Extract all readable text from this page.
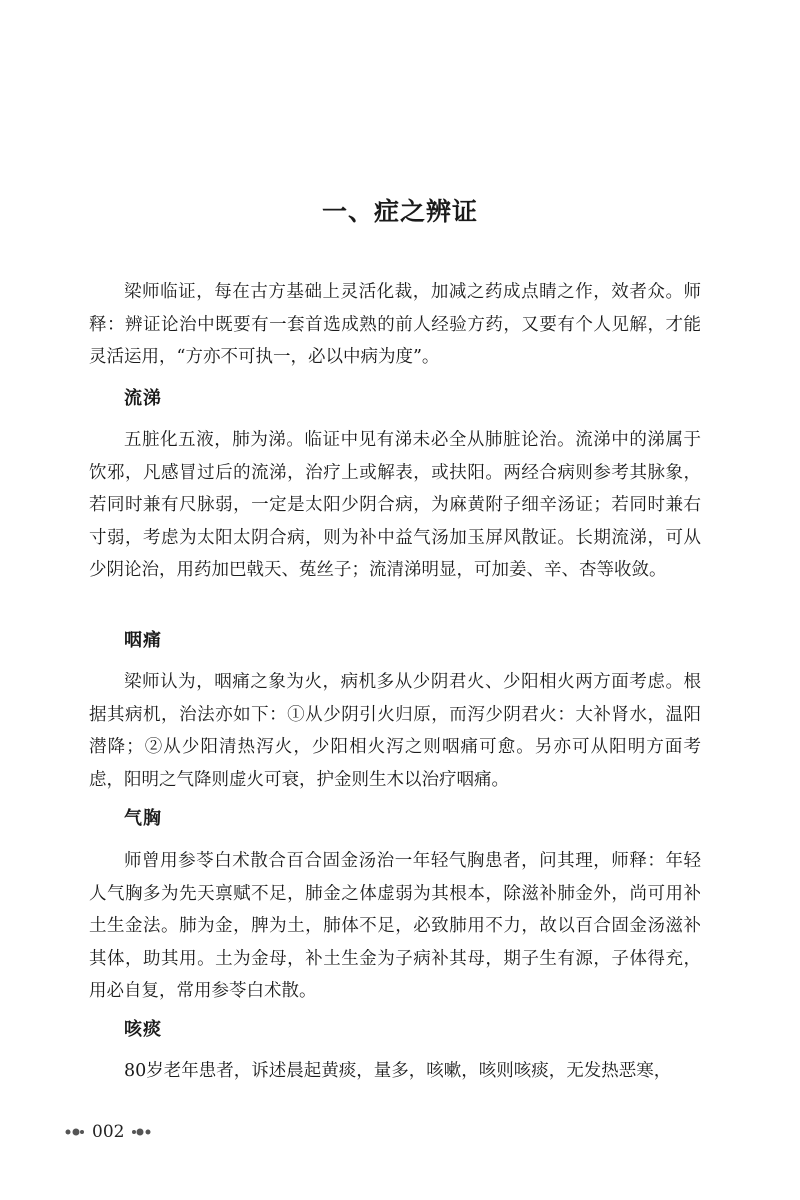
一、症之辨证

梁师临证，每在古方基础上灵活化裁，加减之药成点睛之作，效者众。师释：辨证论治中既要有一套首选成熟的前人经验方药，又要有个人见解，才能灵活运用，“方亦不可执一，必以中病为度”。

流涕

五脏化五液，肺为涕。临证中见有涕未必全从肺脏论治。流涕中的涕属于饮邪，凡感冒过后的流涕，治疗上或解表，或扶阳。两经合病则参考其脉象，若同时兼有尺脉弱，一定是太阳少阴合病，为麻黄附子细辛汤证；若同时兼右寸弱，考虑为太阳太阴合病，则为补中益气汤加玉屏风散证。长期流涕，可从少阴论治，用药加巴戟天、菟丝子；流清涕明显，可加姜、辛、杏等收敛。

咽痛

梁师认为，咽痛之象为火，病机多从少阴君火、少阳相火两方面考虑。根据其病机，治法亦如下：①从少阴引火归原，而泻少阴君火：大补肾水，温阳潜降；②从少阳清热泻火，少阳相火泻之则咽痛可愈。另亦可从阳明方面考虑，阳明之气降则虚火可衰，护金则生木以治疗咽痛。

气胸

师曾用参苓白术散合百合固金汤治一年轻气胸患者，问其理，师释：年轻人气胸多为先天禀赋不足，肺金之体虚弱为其根本，除滋补肺金外，尚可用补土生金法。肺为金，脾为土，肺体不足，必致肺用不力，故以百合固金汤滋补其体，助其用。土为金母，补土生金为子病补其母，期子生有源，子体得充，用必自复，常用参苓白术散。

咳痰

80岁老年患者，诉述晨起黄痰，量多，咳嗽，咳则咳痰，无发热恶寒，

002
